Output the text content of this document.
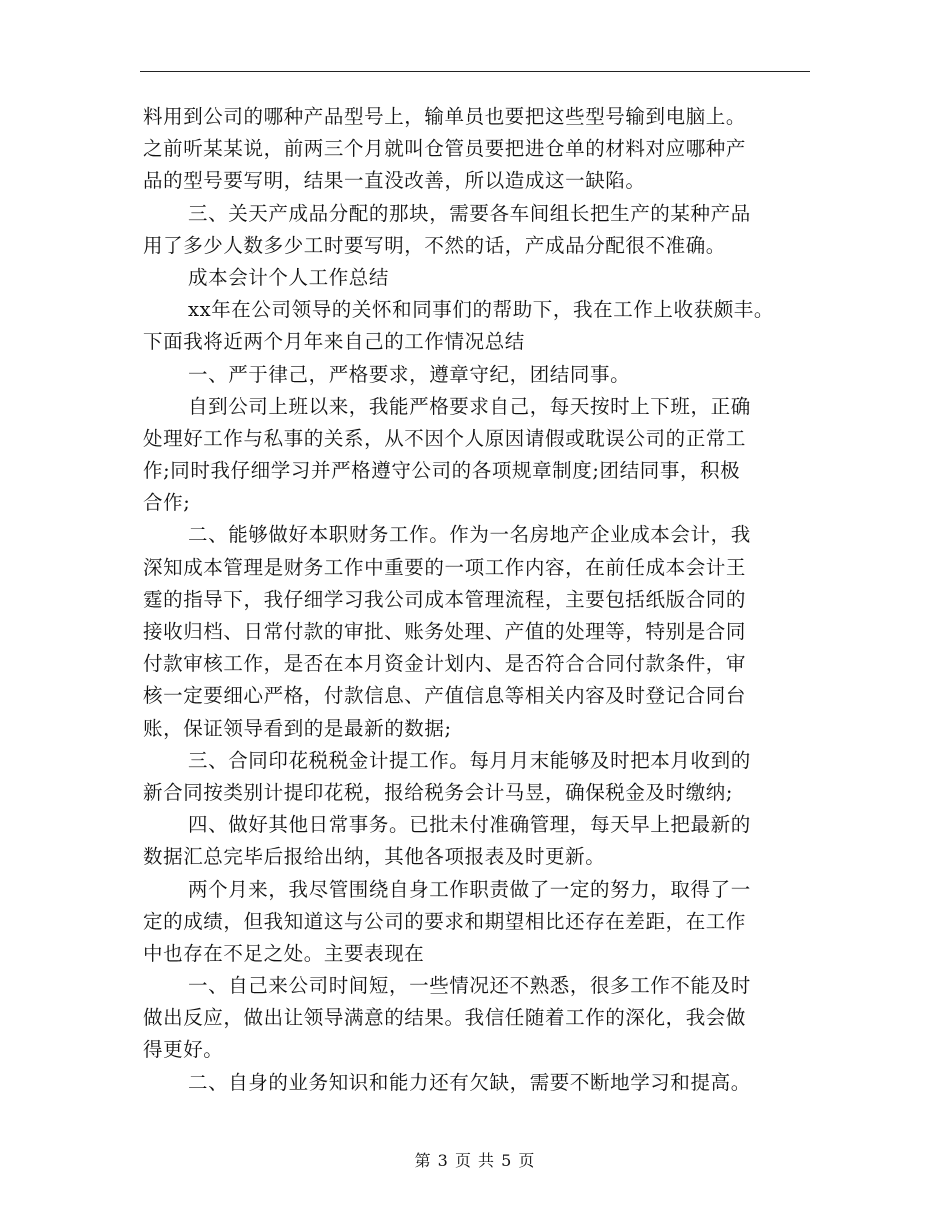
料用到公司的哪种产品型号上，输单员也要把这些型号输到电脑上。
之前听某某说，前两三个月就叫仓管员要把进仓单的材料对应哪种产
品的型号要写明，结果一直没改善，所以造成这一缺陷。
三、关天产成品分配的那块，需要各车间组长把生产的某种产品
用了多少人数多少工时要写明，不然的话，产成品分配很不准确。
成本会计个人工作总结
xx年在公司领导的关怀和同事们的帮助下，我在工作上收获颇丰。
下面我将近两个月年来自己的工作情况总结
一、严于律己，严格要求，遵章守纪，团结同事。
自到公司上班以来，我能严格要求自己，每天按时上下班，正确
处理好工作与私事的关系，从不因个人原因请假或耽误公司的正常工
作;同时我仔细学习并严格遵守公司的各项规章制度;团结同事，积极
合作;
二、能够做好本职财务工作。作为一名房地产企业成本会计，我
深知成本管理是财务工作中重要的一项工作内容，在前任成本会计王
霆的指导下，我仔细学习我公司成本管理流程，主要包括纸版合同的
接收归档、日常付款的审批、账务处理、产值的处理等，特别是合同
付款审核工作，是否在本月资金计划内、是否符合合同付款条件，审
核一定要细心严格，付款信息、产值信息等相关内容及时登记合同台
账，保证领导看到的是最新的数据;
三、合同印花税税金计提工作。每月月末能够及时把本月收到的
新合同按类别计提印花税，报给税务会计马昱，确保税金及时缴纳;
四、做好其他日常事务。已批未付准确管理，每天早上把最新的
数据汇总完毕后报给出纳，其他各项报表及时更新。
两个月来，我尽管围绕自身工作职责做了一定的努力，取得了一
定的成绩，但我知道这与公司的要求和期望相比还存在差距，在工作
中也存在不足之处。主要表现在
一、自己来公司时间短，一些情况还不熟悉，很多工作不能及时
做出反应，做出让领导满意的结果。我信任随着工作的深化，我会做
得更好。
二、自身的业务知识和能力还有欠缺，需要不断地学习和提高。
第 3 页 共 5 页
